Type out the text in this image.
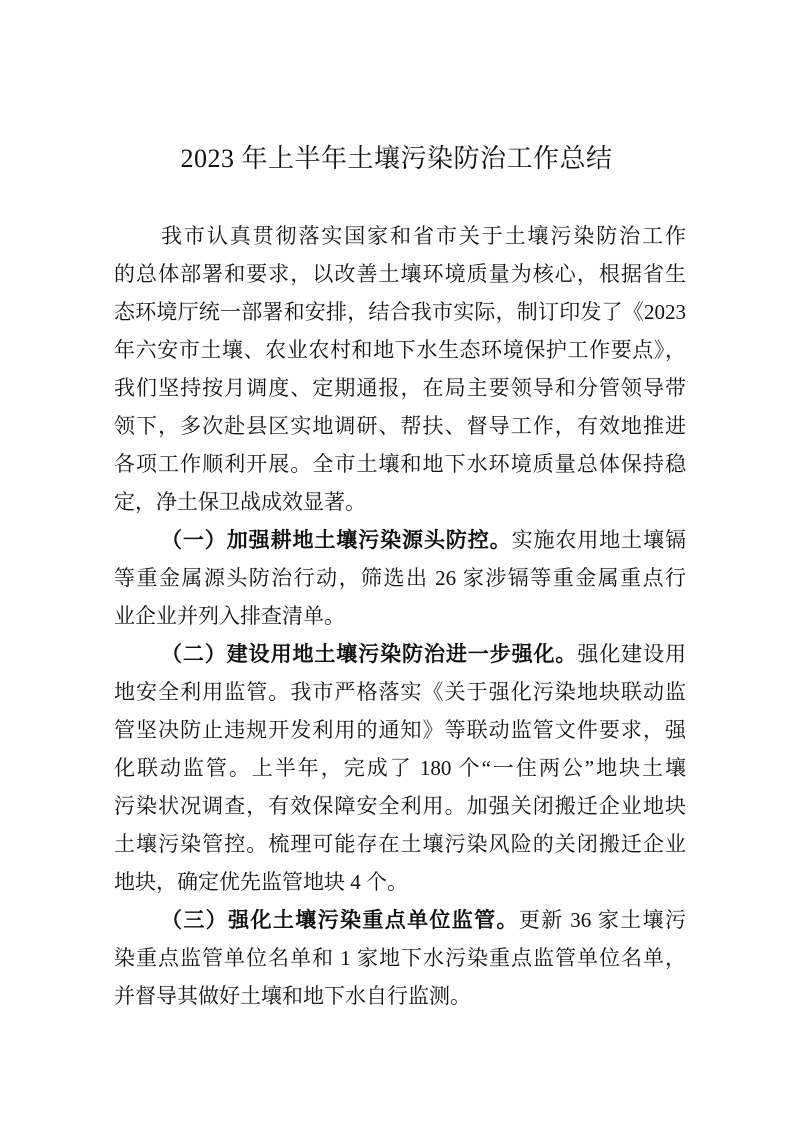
2023 年上半年土壤污染防治工作总结
我市认真贯彻落实国家和省市关于土壤污染防治工作
的总体部署和要求，以改善土壤环境质量为核心，根据省生
态环境厅统一部署和安排，结合我市实际，制订印发了《2023
年六安市土壤、农业农村和地下水生态环境保护工作要点》，
我们坚持按月调度、定期通报，在局主要领导和分管领导带
领下，多次赴县区实地调研、帮扶、督导工作，有效地推进
各项工作顺利开展。全市土壤和地下水环境质量总体保持稳
定，净土保卫战成效显著。
（一）加强耕地土壤污染源头防控。实施农用地土壤镉
等重金属源头防治行动，筛选出 26 家涉镉等重金属重点行
业企业并列入排查清单。
（二）建设用地土壤污染防治进一步强化。强化建设用
地安全利用监管。我市严格落实《关于强化污染地块联动监
管坚决防止违规开发利用的通知》等联动监管文件要求，强
化联动监管。上半年，完成了 180 个“一住两公”地块土壤
污染状况调查，有效保障安全利用。加强关闭搬迁企业地块
土壤污染管控。梳理可能存在土壤污染风险的关闭搬迁企业
地块，确定优先监管地块 4 个。
（三）强化土壤污染重点单位监管。更新 36 家土壤污
染重点监管单位名单和 1 家地下水污染重点监管单位名单，
并督导其做好土壤和地下水自行监测。
